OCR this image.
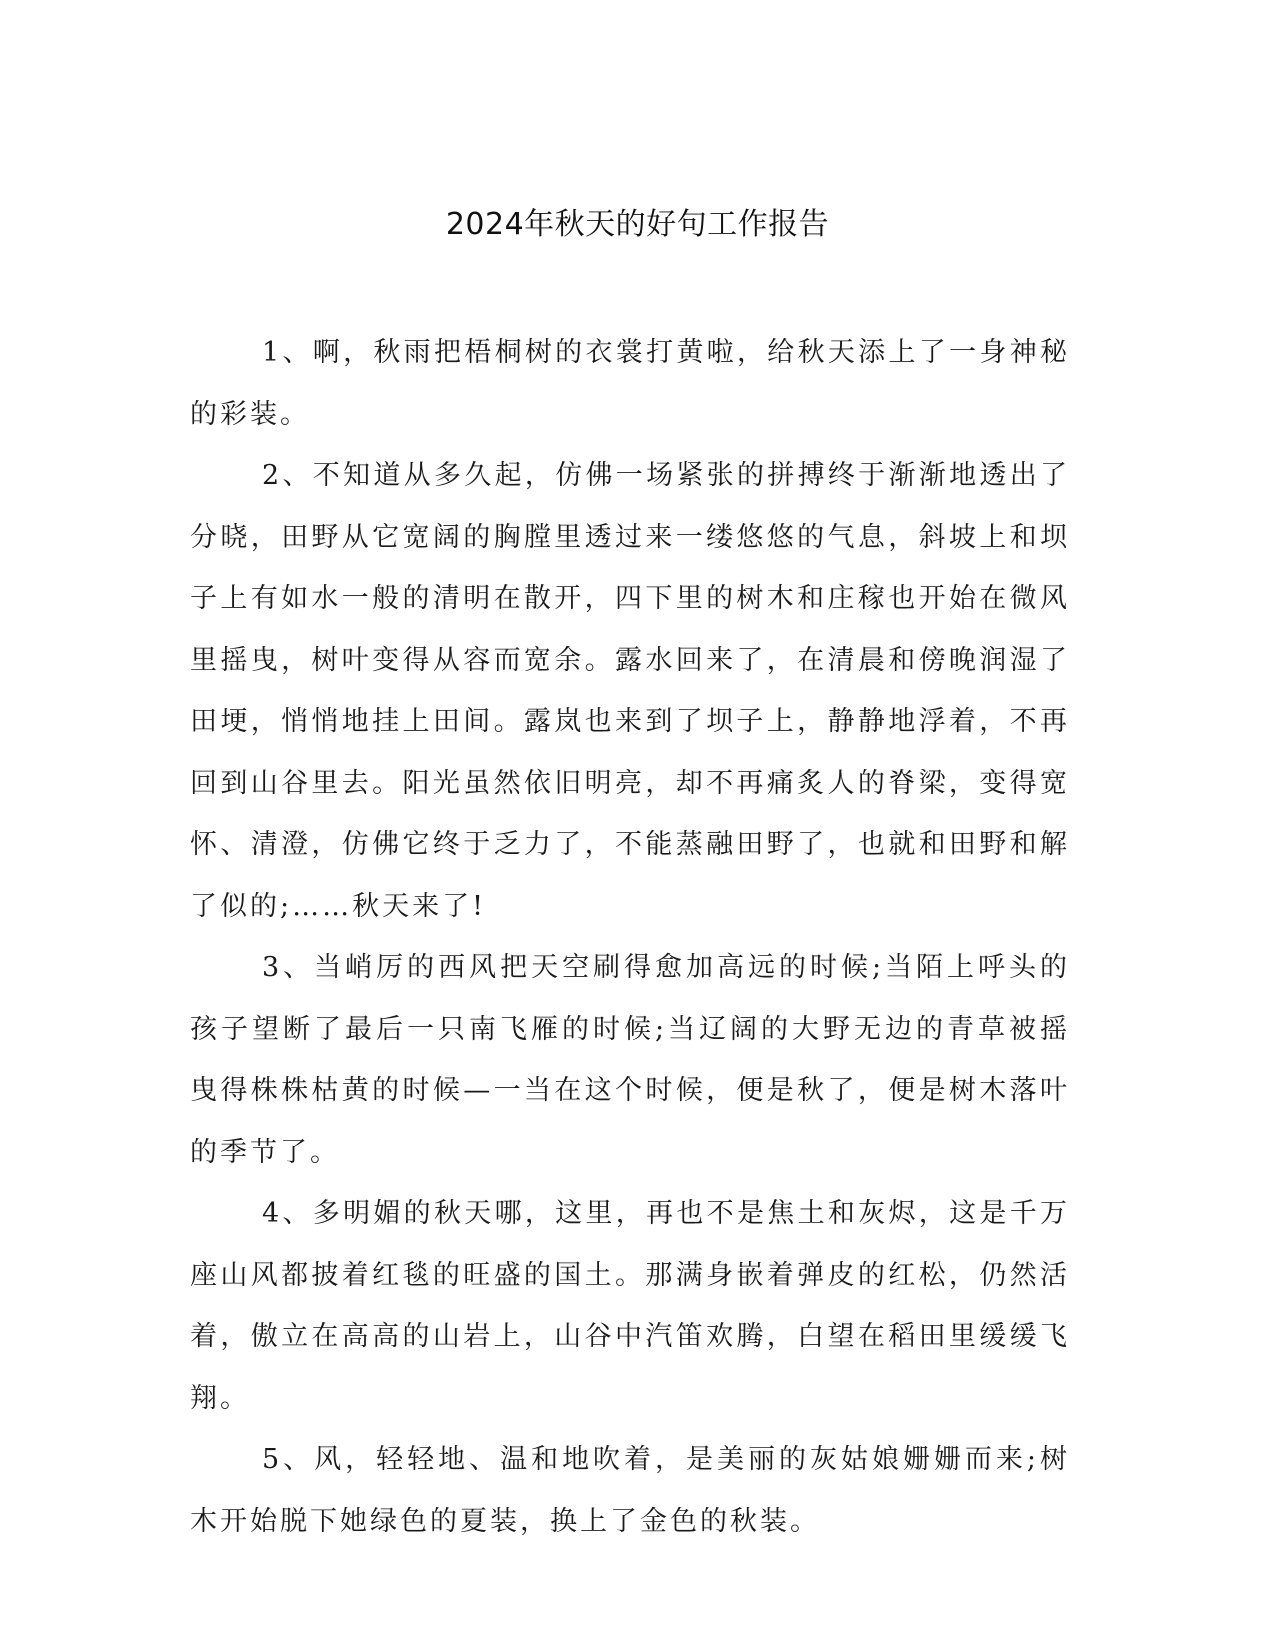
2024年秋天的好句工作报告

1、啊，秋雨把梧桐树的衣裳打黄啦，给秋天添上了一身神秘的彩装。

2、不知道从多久起，仿佛一场紧张的拼搏终于渐渐地透出了分晓，田野从它宽阔的胸膛里透过来一缕悠悠的气息，斜坡上和坝子上有如水一般的清明在散开，四下里的树木和庄稼也开始在微风里摇曳，树叶变得从容而宽余。露水回来了，在清晨和傍晚润湿了田埂，悄悄地挂上田间。露岚也来到了坝子上，静静地浮着，不再回到山谷里去。阳光虽然依旧明亮，却不再痛炙人的脊梁，变得宽怀、清澄，仿佛它终于乏力了，不能蒸融田野了，也就和田野和解了似的;……秋天来了!

3、当峭厉的西风把天空刷得愈加高远的时候;当陌上呼头的孩子望断了最后一只南飞雁的时候;当辽阔的大野无边的青草被摇曳得株株枯黄的时候—一当在这个时候，便是秋了，便是树木落叶的季节了。

4、多明媚的秋天哪，这里，再也不是焦土和灰烬，这是千万座山风都披着红毯的旺盛的国土。那满身嵌着弹皮的红松，仍然活着，傲立在高高的山岩上，山谷中汽笛欢腾，白望在稻田里缓缓飞翔。

5、风，轻轻地、温和地吹着，是美丽的灰姑娘姗姗而来;树木开始脱下她绿色的夏装，换上了金色的秋装。
